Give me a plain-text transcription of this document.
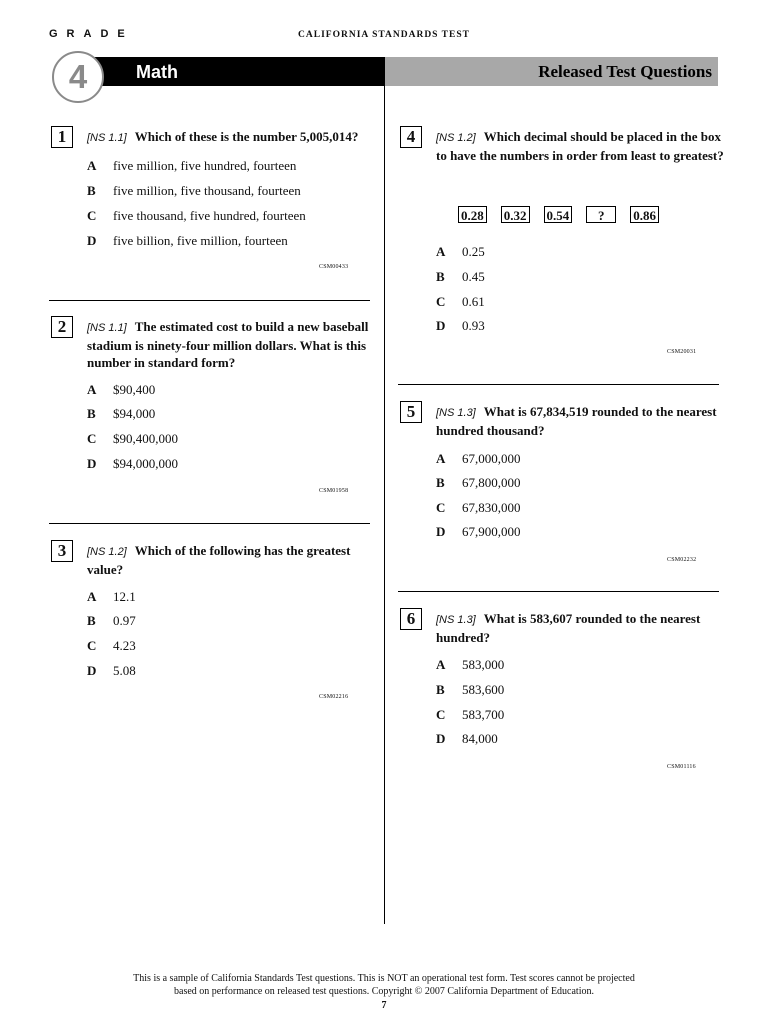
GRADE	CALIFORNIA STANDARDS TEST
4	Math	Released Test Questions
1	[NS 1.1] Which of these is the number 5,005,014?
A five million, five hundred, fourteen
B five million, five thousand, fourteen
C five thousand, five hundred, fourteen
D five billion, five million, fourteen
CSM00433
2	[NS 1.1] The estimated cost to build a new baseball stadium is ninety-four million dollars. What is this number in standard form?
A $90,400
B $94,000
C $90,400,000
D $94,000,000
CSM01958
3	[NS 1.2] Which of the following has the greatest value?
A 12.1
B 0.97
C 4.23
D 5.08
CSM02216
4	[NS 1.2] Which decimal should be placed in the box to have the numbers in order from least to greatest?
0.28 0.32 0.54	?	0.86
A 0.25
B 0.45
C 0.61
D 0.93
CSM20031
5	[NS 1.3] What is 67,834,519 rounded to the nearest hundred thousand?
A 67,000,000
B 67,800,000
C 67,830,000
D 67,900,000
CSM02232
6	[NS 1.3] What is 583,607 rounded to the nearest hundred?
A 583,000
B 583,600
C 583,700
D 84,000
CSM01116
This is a sample of California Standards Test questions. This is NOT an operational test form. Test scores cannot be projected
based on performance on released test questions. Copyright © 2007 California Department of Education.
7
